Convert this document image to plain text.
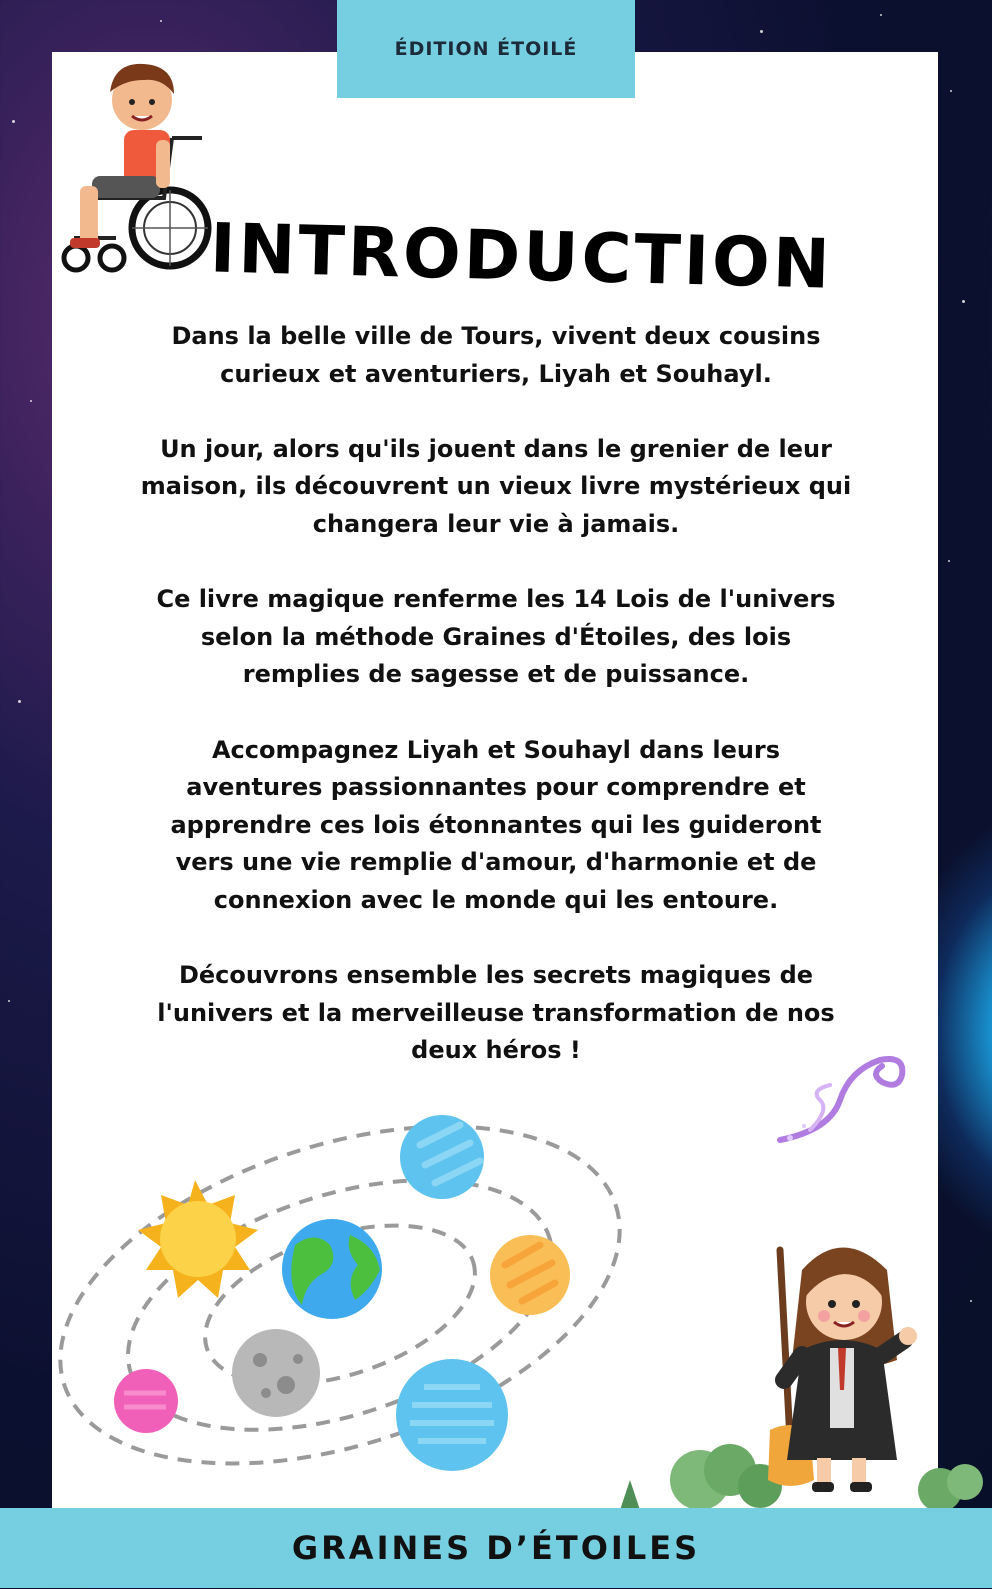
ÉDITION ÉTOILÉ
INTRODUCTION

Dans la belle ville de Tours, vivent deux cousins curieux et aventuriers, Liyah et Souhayl.

Un jour, alors qu'ils jouent dans le grenier de leur maison, ils découvrent un vieux livre mystérieux qui changera leur vie à jamais.

Ce livre magique renferme les 14 Lois de l'univers selon la méthode Graines d'Étoiles, des lois remplies de sagesse et de puissance.

Accompagnez Liyah et Souhayl dans leurs aventures passionnantes pour comprendre et apprendre ces lois étonnantes qui les guideront vers une vie remplie d'amour, d'harmonie et de connexion avec le monde qui les entoure.

Découvrons ensemble les secrets magiques de l'univers et la merveilleuse transformation de nos deux héros !

GRAINES D’ÉTOILES
